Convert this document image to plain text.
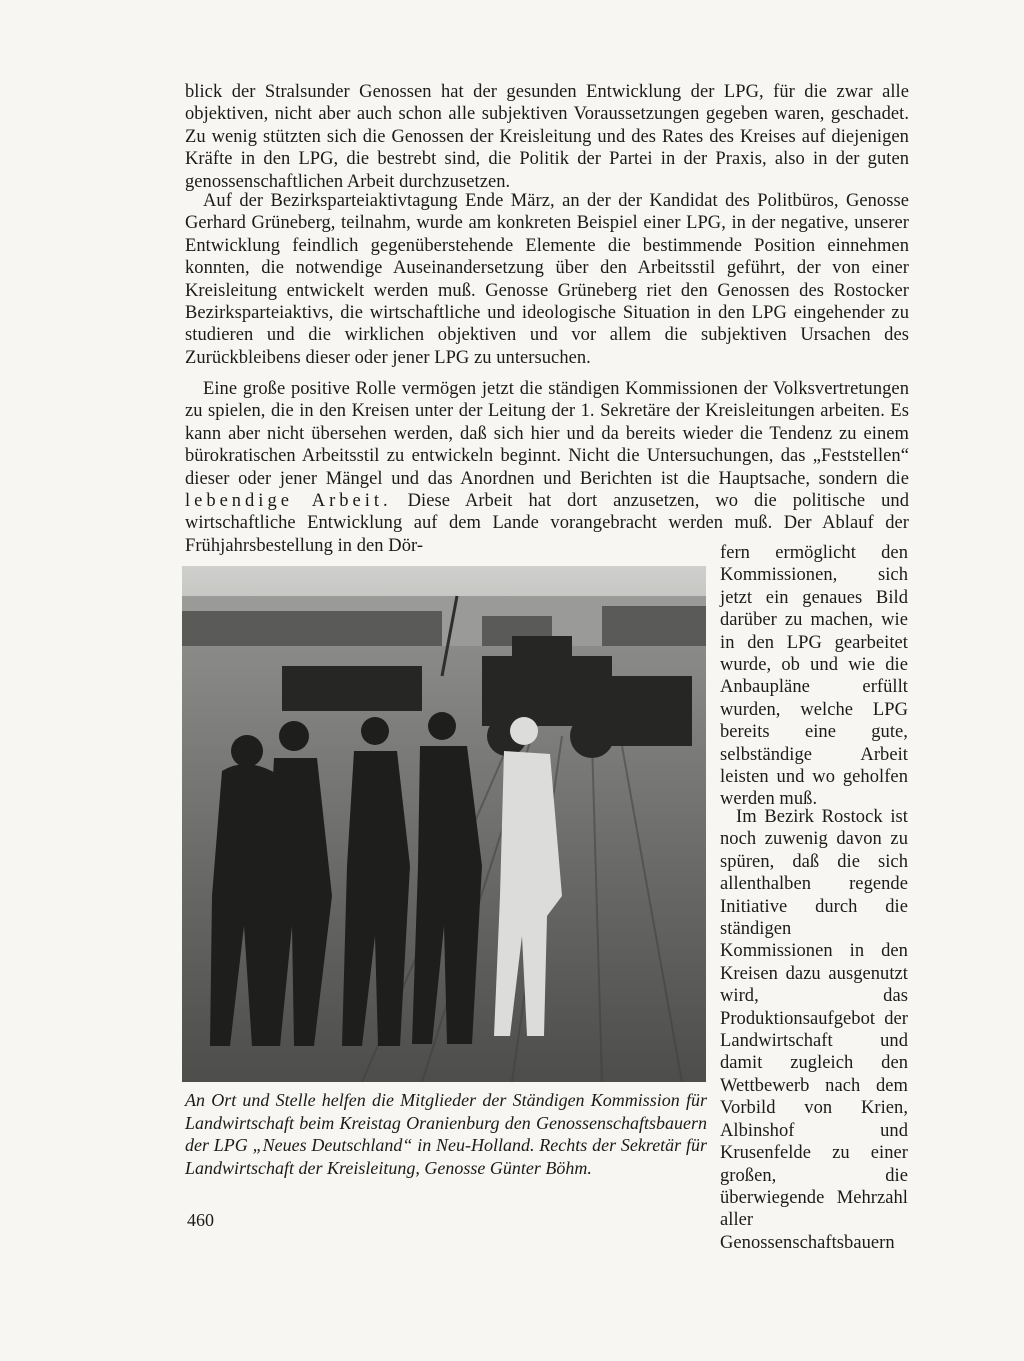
blick der Stralsunder Genossen hat der gesunden Entwicklung der LPG, für die zwar alle objektiven, nicht aber auch schon alle subjektiven Voraussetzungen gegeben waren, geschadet. Zu wenig stützten sich die Genossen der Kreisleitung und des Rates des Kreises auf diejenigen Kräfte in den LPG, die bestrebt sind, die Politik der Partei in der Praxis, also in der guten genossenschaftlichen Arbeit durchzusetzen.

Auf der Bezirksparteiaktivtagung Ende März, an der der Kandidat des Politbüros, Genosse Gerhard Grüneberg, teilnahm, wurde am konkreten Beispiel einer LPG, in der negative, unserer Entwicklung feindlich gegenüberstehende Elemente die bestimmende Position einnehmen konnten, die notwendige Auseinandersetzung über den Arbeitsstil geführt, der von einer Kreisleitung entwickelt werden muß. Genosse Grüneberg riet den Genossen des Rostocker Bezirksparteiaktivs, die wirtschaftliche und ideologische Situation in den LPG eingehender zu studieren und die wirklichen objektiven und vor allem die subjektiven Ursachen des Zurückbleibens dieser oder jener LPG zu untersuchen.

Eine große positive Rolle vermögen jetzt die ständigen Kommissionen der Volksvertretungen zu spielen, die in den Kreisen unter der Leitung der 1. Sekretäre der Kreisleitungen arbeiten. Es kann aber nicht übersehen werden, daß sich hier und da bereits wieder die Tendenz zu einem bürokratischen Arbeitsstil zu entwickeln beginnt. Nicht die Untersuchungen, das „Feststellen“ dieser oder jener Mängel und das Anordnen und Berichten ist die Hauptsache, sondern die lebendige Arbeit. Diese Arbeit hat dort anzusetzen, wo die politische und wirtschaftliche Entwicklung auf dem Lande vorangebracht werden muß. Der Ablauf der Frühjahrsbestellung in den Dör-

An Ort und Stelle helfen die Mitglieder der Ständigen Kommission für Landwirtschaft beim Kreistag Oranienburg den Genossenschaftsbauern der LPG „Neues Deutschland“ in Neu-Holland. Rechts der Sekretär für Landwirtschaft der Kreisleitung, Genosse Günter Böhm.

fern ermöglicht den Kommissionen, sich jetzt ein genaues Bild darüber zu machen, wie in den LPG gearbeitet wurde, ob und wie die Anbaupläne erfüllt wurden, welche LPG bereits eine gute, selbständige Arbeit leisten und wo geholfen werden muß.

Im Bezirk Rostock ist noch zuwenig davon zu spüren, daß die sich allenthalben regende Initiative durch die ständigen Kommissionen in den Kreisen dazu ausgenutzt wird, das Produktionsaufgebot der Landwirtschaft und damit zugleich den Wettbewerb nach dem Vorbild von Krien, Albinshof und Krusenfelde zu einer großen, die überwiegende Mehrzahl aller Genossenschaftsbauern

460
